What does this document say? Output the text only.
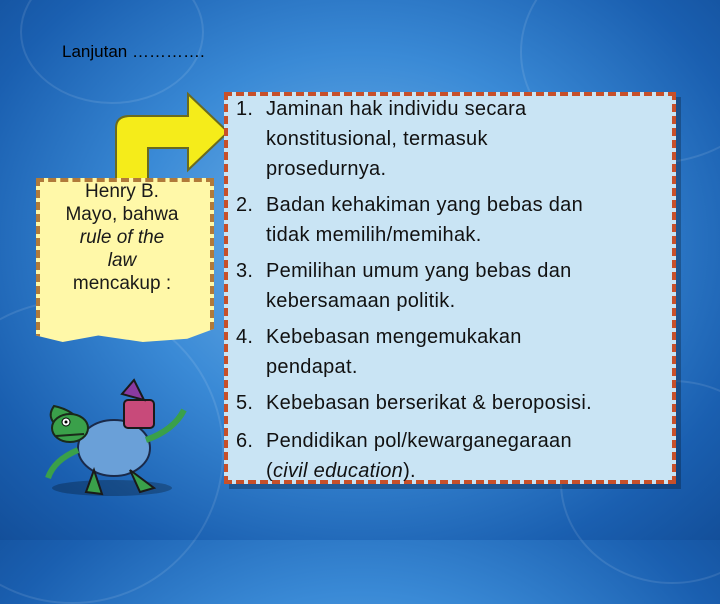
Lanjutan ………….
Henry B.
Mayo, bahwa
rule of the
law
mencakup :
1. Jaminan hak individu secara
konstitusional, termasuk
prosedurnya.
2. Badan kehakiman yang bebas dan
tidak memilih/memihak.
3. Pemilihan umum yang bebas dan
kebersamaan politik.
4. Kebebasan mengemukakan
pendapat.
5. Kebebasan berserikat & beroposisi.
6. Pendidikan pol/kewarganegaraan
(civil education).
